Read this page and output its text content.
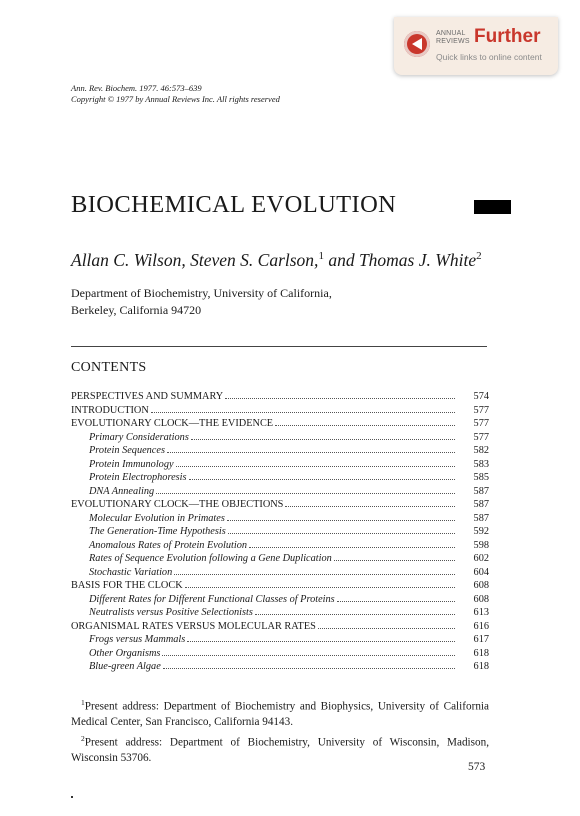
ANNUAL
REVIEWS Further
Quick links to online content
Ann. Rev. Biochem. 1977. 46:573–639
Copyright © 1977 by Annual Reviews Inc. All rights reserved
BIOCHEMICAL EVOLUTION
Allan C. Wilson, Steven S. Carlson,$^1$ and Thomas J. White$^2$
Department of Biochemistry, University of California,
Berkeley, California 94720
CONTENTS
PERSPECTIVES AND SUMMARY	574
INTRODUCTION	577
EVOLUTIONARY CLOCK—THE EVIDENCE	577
Primary Considerations	577
Protein Sequences	582
Protein Immunology	583
Protein Electrophoresis	585
DNA Annealing	587
EVOLUTIONARY CLOCK—THE OBJECTIONS	587
Molecular Evolution in Primates	587
The Generation-Time Hypothesis	592
Anomalous Rates of Protein Evolution	598
Rates of Sequence Evolution following a Gene Duplication	602
Stochastic Variation	604
BASIS FOR THE CLOCK	608
Different Rates for Different Functional Classes of Proteins	608
Neutralists versus Positive Selectionists	613
ORGANISMAL RATES VERSUS MOLECULAR RATES	616
Frogs versus Mammals	617
Other Organisms	618
Blue-green Algae	618

$^1$Present address: Department of Biochemistry and Biophysics, University of California Medical Center, San Francisco, California 94143.

$^2$Present address: Department of Biochemistry, University of Wisconsin, Madison, Wisconsin 53706.

573
